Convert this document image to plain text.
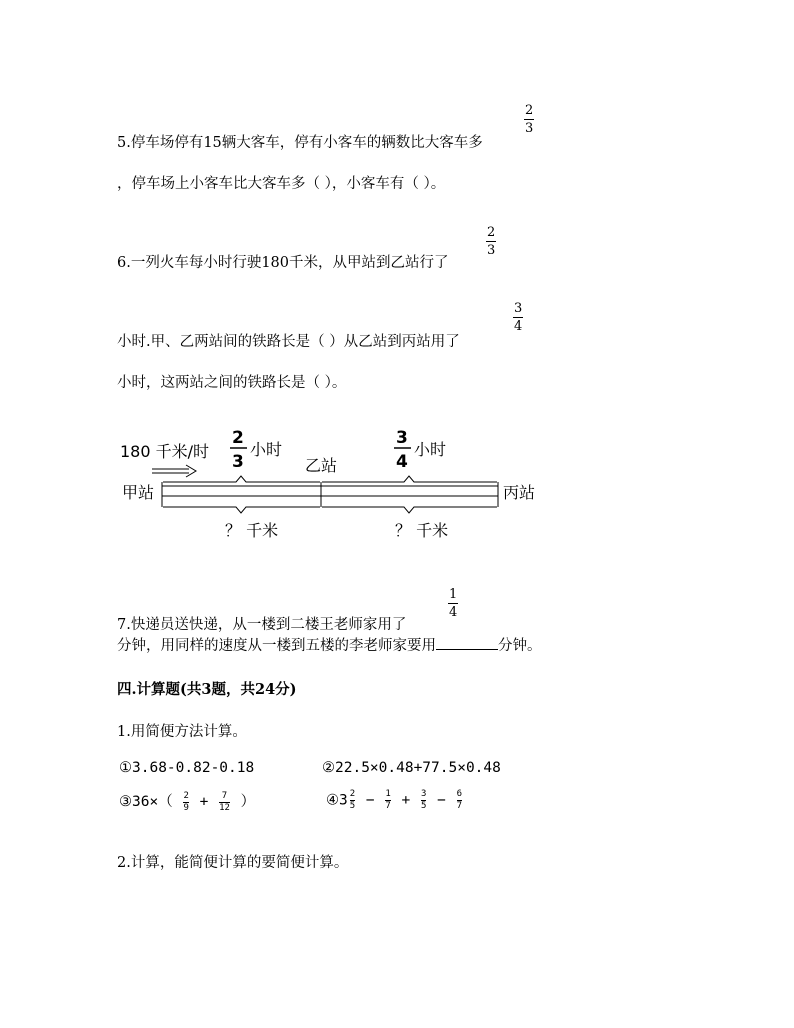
2
3
5.停车场停有15辆大客车，停有小客车的辆数比大客车多
，停车场上小客车比大客车多（ ），小客车有（ ）。
2
3
6.一列火车每小时行驶180千米，从甲站到乙站行了
3
4
小时.甲、乙两站间的铁路长是（ ）从乙站到丙站用了
小时，这两站之间的铁路长是（ ）。
180 千米/时
2
3
小时
3
4
小时
乙站
甲站	丙站
？ 千米	？ 千米
1
4
7.快递员送快递，从一楼到二楼王老师家用了
分钟，用同样的速度从一楼到五楼的李老师家要用	分钟。
四.计算题(共3题，共24分)
1.用简便方法计算。
①3.68-0.82-0.18	②22.5×0.48+77.5×0.48
③36×（ $\frac{2}{9} + \frac{7}{12}$ ）	④3 $\frac{2}{5} - \frac{1}{7} + \frac{3}{5} - \frac{6}{7}$
2.计算，能简便计算的要简便计算。
